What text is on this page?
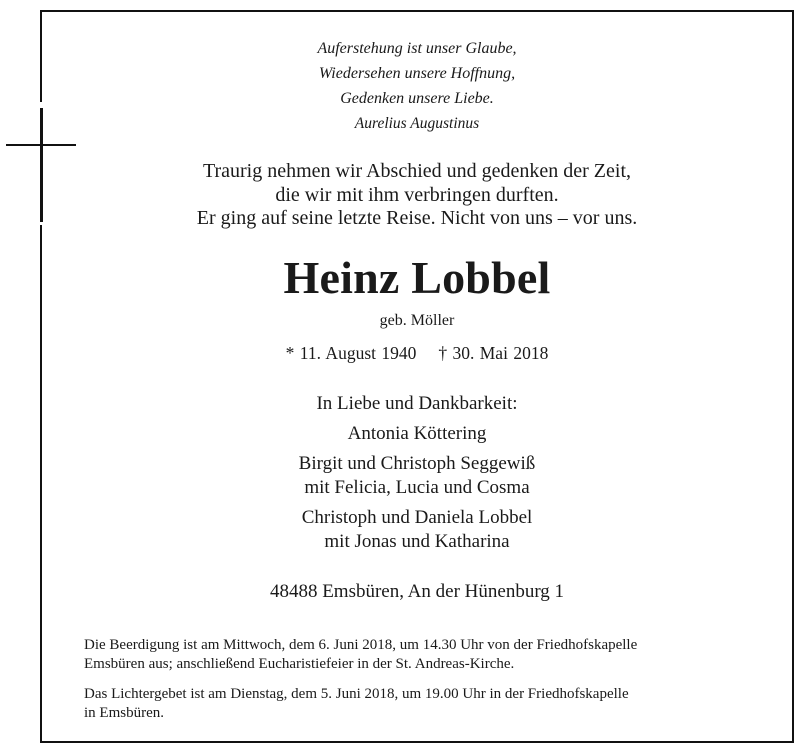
Auferstehung ist unser Glaube,
Wiedersehen unsere Hoffnung,
Gedenken unsere Liebe.
Aurelius Augustinus
Traurig nehmen wir Abschied und gedenken der Zeit,
die wir mit ihm verbringen durften.
Er ging auf seine letzte Reise. Nicht von uns – vor uns.
Heinz Lobbel
geb. Möller
* 11. August 1940 † 30. Mai 2018
In Liebe und Dankbarkeit:
Antonia Köttering
Birgit und Christoph Seggewiß
mit Felicia, Lucia und Cosma
Christoph und Daniela Lobbel
mit Jonas und Katharina
48488 Emsbüren, An der Hünenburg 1
Die Beerdigung ist am Mittwoch, dem 6. Juni 2018, um 14.30 Uhr von der Friedhofskapelle
Emsbüren aus; anschließend Eucharistiefeier in der St. Andreas-Kirche.
Das Lichtergebet ist am Dienstag, dem 5. Juni 2018, um 19.00 Uhr in der Friedhofskapelle
in Emsbüren.
